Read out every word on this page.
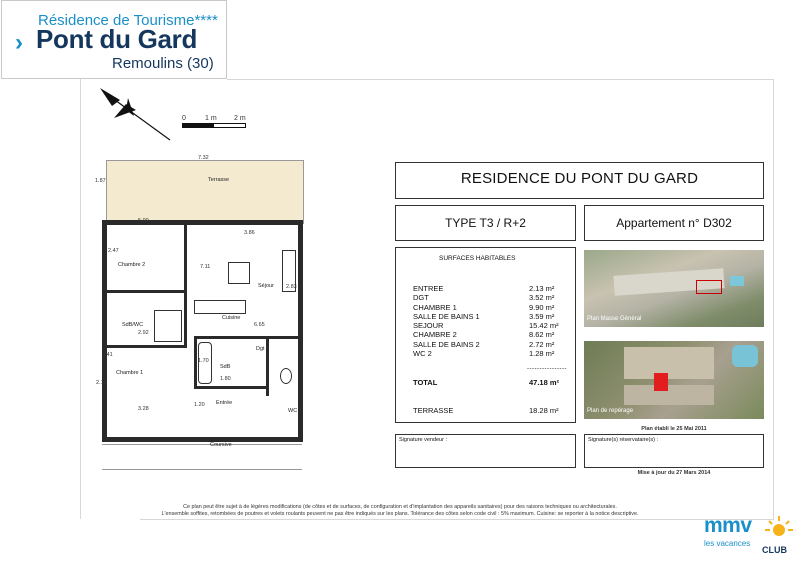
Résidence de Tourisme****
› Pont du Gard
Remoulins (30)
0	1 m 2 m
Terrasse
Chambre 2
Séjour
SdB/WC
Cuisine
Dgt
Chambre 1
SdB
Entrée
WC
Coursive
7.32
1.87
5.00
3.86
7.11
2.47
2.92
6.65
3.41
1.70
1.80
2.18
3.28
1.20
2.83
RESIDENCE DU PONT DU GARD
TYPE T3 / R+2	Appartement n° D302
SURFACES HABITABLES
ENTREE	2.13 m²
DGT	3.52 m²
CHAMBRE 1	9.90 m²
SALLE DE BAINS 1	3.59 m²
SEJOUR	15.42 m²
CHAMBRE 2	8.62 m²
SALLE DE BAINS 2	2.72 m²
WC 2	1.28 m²
----------------
TOTAL	47.18 m²
TERRASSE	18.28 m²
Plan Masse Général
Plan de repérage
Plan établi le 25 Mai 2011
Signature vendeur :	Signature(s) réservataire(s) :
Mise à jour du 27 Mars 2014
Ce plan peut être sujet à de légères modifications (de côtes et de surfaces, de configuration et d'implantation des appareils sanitaires) pour des raisons techniques ou architecturales.
L'ensemble soffites, retombées de poutres et volets roulants peuvent ne pas être indiqués sur les plans. Tolérance des côtes selon code civil : 5% maximum. Cuisine: se reporter à la notice descriptive.	mmv
les vacances
CLUB
